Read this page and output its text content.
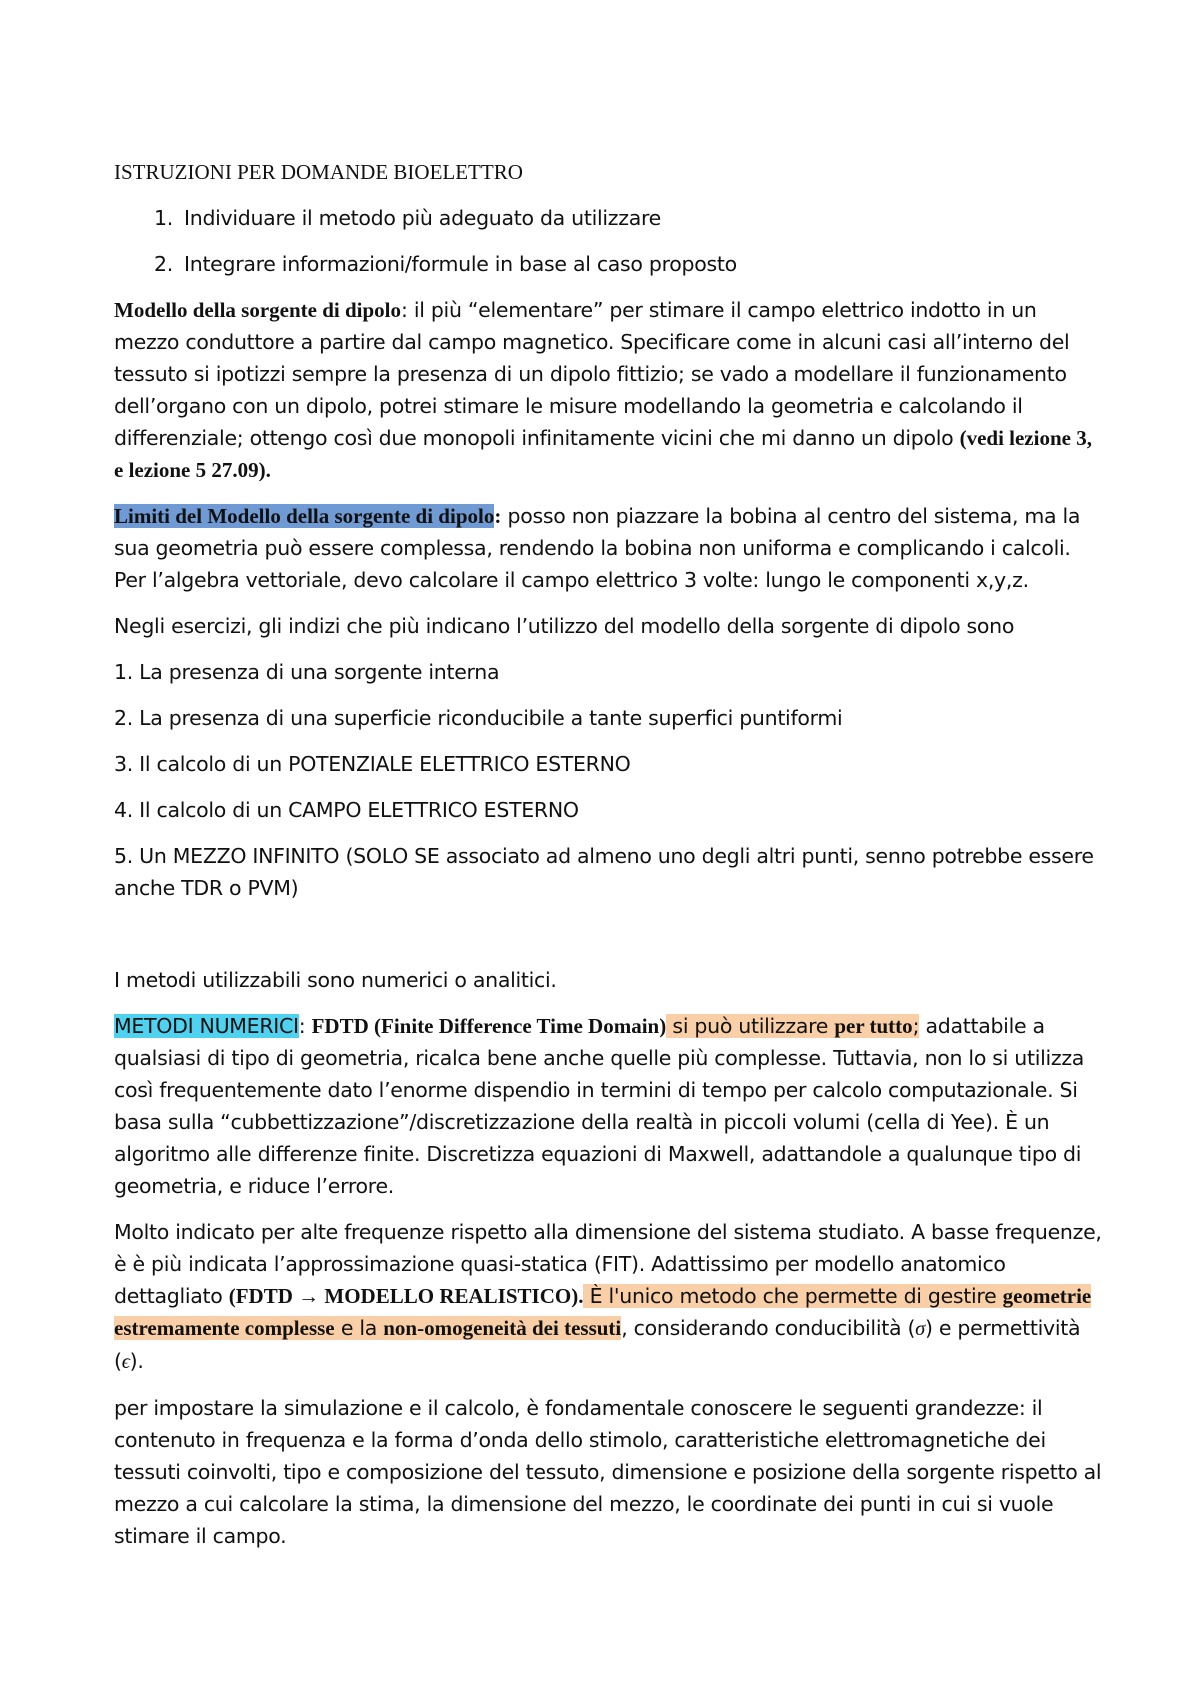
ISTRUZIONI PER DOMANDE BIOELETTRO
1. Individuare il metodo più adeguato da utilizzare
2. Integrare informazioni/formule in base al caso proposto

Modello della sorgente di dipolo: il più “elementare” per stimare il campo elettrico indotto in un mezzo conduttore a partire dal campo magnetico. Specificare come in alcuni casi all’interno del tessuto si ipotizzi sempre la presenza di un dipolo fittizio; se vado a modellare il funzionamento dell’organo con un dipolo, potrei stimare le misure modellando la geometria e calcolando il differenziale; ottengo così due monopoli infinitamente vicini che mi danno un dipolo (vedi lezione 3, e lezione 5 27.09).

Limiti del Modello della sorgente di dipolo: posso non piazzare la bobina al centro del sistema, ma la sua geometria può essere complessa, rendendo la bobina non uniforma e complicando i calcoli. Per l’algebra vettoriale, devo calcolare il campo elettrico 3 volte: lungo le componenti x,y,z.

Negli esercizi, gli indizi che più indicano l’utilizzo del modello della sorgente di dipolo sono

1. La presenza di una sorgente interna

2. La presenza di una superficie riconducibile a tante superfici puntiformi

3. Il calcolo di un POTENZIALE ELETTRICO ESTERNO

4. Il calcolo di un CAMPO ELETTRICO ESTERNO

5. Un MEZZO INFINITO (SOLO SE associato ad almeno uno degli altri punti, senno potrebbe essere anche TDR o PVM)

I metodi utilizzabili sono numerici o analitici.

METODI NUMERICI: FDTD (Finite Difference Time Domain) si può utilizzare per tutto; adattabile a qualsiasi di tipo di geometria, ricalca bene anche quelle più complesse. Tuttavia, non lo si utilizza così frequentemente dato l’enorme dispendio in termini di tempo per calcolo computazionale. Si basa sulla “cubbettizzazione”/discretizzazione della realtà in piccoli volumi (cella di Yee). È un algoritmo alle differenze finite. Discretizza equazioni di Maxwell, adattandole a qualunque tipo di geometria, e riduce l’errore.

Molto indicato per alte frequenze rispetto alla dimensione del sistema studiato. A basse frequenze, è è più indicata l’approssimazione quasi-statica (FIT). Adattissimo per modello anatomico dettagliato (FDTD → MODELLO REALISTICO). È l'unico metodo che permette di gestire geometrie estremamente complesse e la non-omogeneità dei tessuti, considerando conducibilità (σ) e permettività (ϵ).

per impostare la simulazione e il calcolo, è fondamentale conoscere le seguenti grandezze: il contenuto in frequenza e la forma d’onda dello stimolo, caratteristiche elettromagnetiche dei tessuti coinvolti, tipo e composizione del tessuto, dimensione e posizione della sorgente rispetto al mezzo a cui calcolare la stima, la dimensione del mezzo, le coordinate dei punti in cui si vuole stimare il campo.
